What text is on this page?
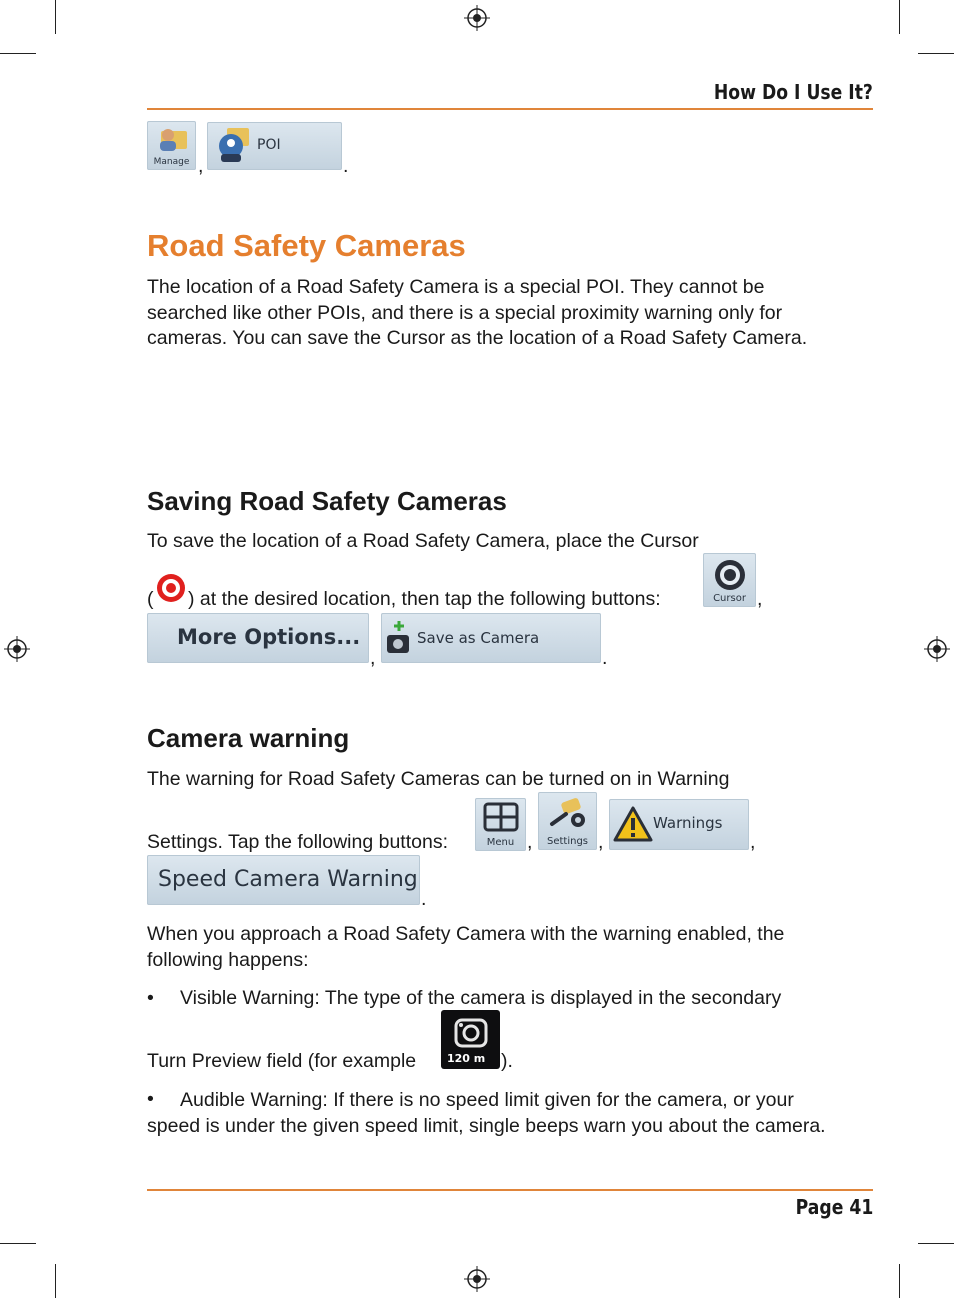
How Do I Use It?
Manage ,
POI
.
Road Safety Cameras
The location of a Road Safety Camera is a special POI. They cannot be searched like other POIs, and there is a special proximity warning only for cameras. You can save the Cursor as the location of a Road Safety Camera.
Saving Road Safety Cameras
To save the location of a Road Safety Camera, place the Cursor
( ) at the desired location, then tap the following buttons:	Cursor ,
More Options...
,
Save as Camera
.
Camera warning
The warning for Road Safety Cameras can be turned on in Warning
Settings. Tap the following buttons:	Menu ,	Settings ,
Warnings
,
Speed Camera Warning
.
When you approach a Road Safety Camera with the warning enabled, the following happens:
• Visible Warning: The type of the camera is displayed in the secondary
Turn Preview field (for example	120 m ).
•	Audible Warning: If there is no speed limit given for the camera, or your speed is under the given speed limit, single beeps warn you about the camera.
Page 41
